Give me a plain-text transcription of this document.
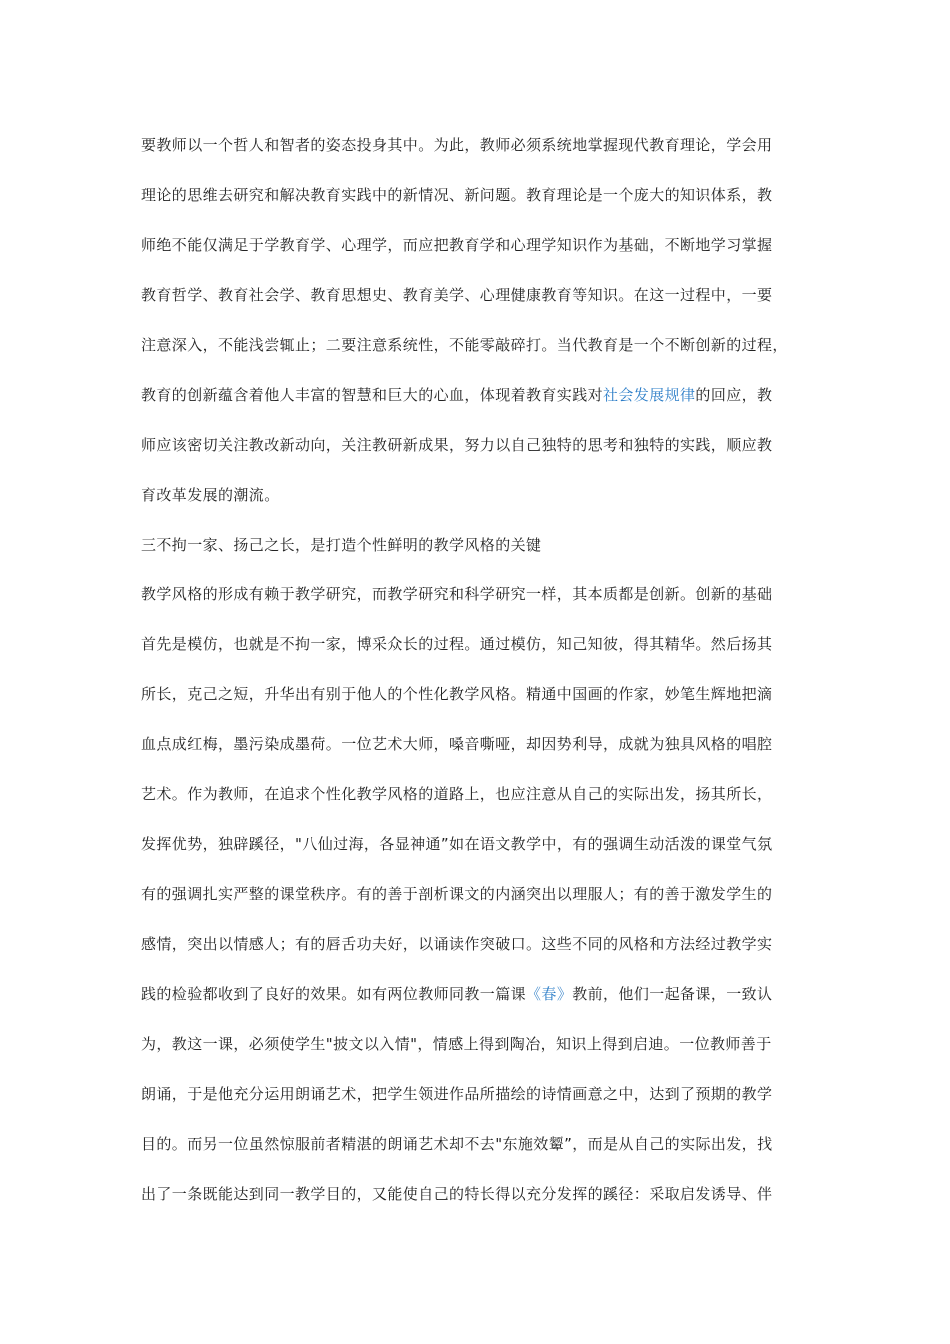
要教师以一个哲人和智者的姿态投身其中。为此，教师必须系统地掌握现代教育理论，学会用
理论的思维去研究和解决教育实践中的新情况、新问题。教育理论是一个庞大的知识体系，教
师绝不能仅满足于学教育学、心理学，而应把教育学和心理学知识作为基础，不断地学习掌握
教育哲学、教育社会学、教育思想史、教育美学、心理健康教育等知识。在这一过程中，一要
注意深入，不能浅尝辄止；二要注意系统性，不能零敲碎打。当代教育是一个不断创新的过程，
教育的创新蕴含着他人丰富的智慧和巨大的心血，体现着教育实践对社会发展规律的回应，教
师应该密切关注教改新动向，关注教研新成果，努力以自己独特的思考和独特的实践，顺应教
育改革发展的潮流。
三不拘一家、扬己之长，是打造个性鲜明的教学风格的关键
教学风格的形成有赖于教学研究，而教学研究和科学研究一样，其本质都是创新。创新的基础
首先是模仿，也就是不拘一家，博采众长的过程。通过模仿，知己知彼，得其精华。然后扬其
所长，克己之短，升华出有别于他人的个性化教学风格。精通中国画的作家，妙笔生辉地把滴
血点成红梅，墨污染成墨荷。一位艺术大师，嗓音嘶哑，却因势利导，成就为独具风格的唱腔
艺术。作为教师，在追求个性化教学风格的道路上，也应注意从自己的实际出发，扬其所长，
发挥优势，独辟蹊径，"八仙过海，各显神通”如在语文教学中，有的强调生动活泼的课堂气氛
有的强调扎实严整的课堂秩序。有的善于剖析课文的内涵突出以理服人；有的善于激发学生的
感情，突出以情感人；有的唇舌功夫好，以诵读作突破口。这些不同的风格和方法经过教学实
践的检验都收到了良好的效果。如有两位教师同教一篇课《春》教前，他们一起备课，一致认
为，教这一课，必须使学生"披文以入情"，情感上得到陶冶，知识上得到启迪。一位教师善于
朗诵，于是他充分运用朗诵艺术，把学生领进作品所描绘的诗情画意之中，达到了预期的教学
目的。而另一位虽然惊服前者精湛的朗诵艺术却不去"东施效颦”，而是从自己的实际出发，找
出了一条既能达到同一教学目的，又能使自己的特长得以充分发挥的蹊径：采取启发诱导、伴
